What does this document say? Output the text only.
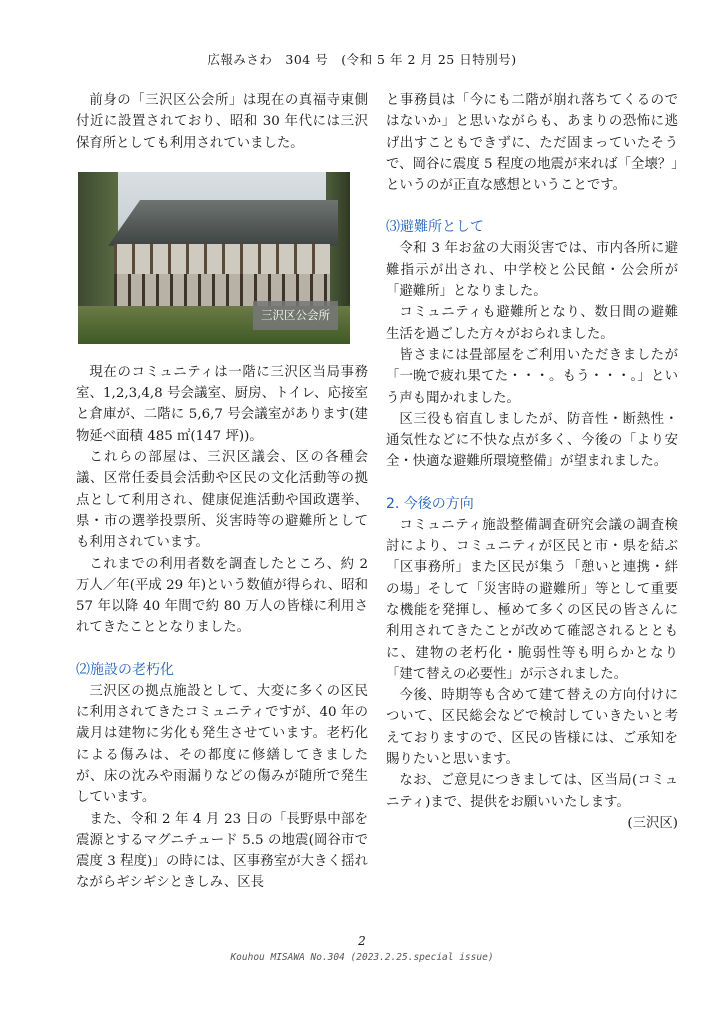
広報みさわ　304 号　(令和 5 年 2 月 25 日特別号)

前身の「三沢区公会所」は現在の真福寺東側付近に設置されており、昭和 30 年代には三沢保育所としても利用されていました。

三沢区公会所

現在のコミュニティは一階に三沢区当局事務室、1,2,3,4,8 号会議室、厨房、トイレ、応接室と倉庫が、二階に 5,6,7 号会議室があります(建物延べ面積 485 ㎡(147 坪))。

これらの部屋は、三沢区議会、区の各種会議、区常任委員会活動や区民の文化活動等の拠点として利用され、健康促進活動や国政選挙、県・市の選挙投票所、災害時等の避難所としても利用されています。

これまでの利用者数を調査したところ、約 2 万人／年(平成 29 年)という数値が得られ、昭和 57 年以降 40 年間で約 80 万人の皆様に利用されてきたこととなりました。

⑵施設の老朽化

三沢区の拠点施設として、大変に多くの区民に利用されてきたコミュニティですが、40 年の歳月は建物に劣化も発生させています。老朽化による傷みは、その都度に修繕してきましたが、床の沈みや雨漏りなどの傷みが随所で発生しています。

また、令和 2 年 4 月 23 日の「長野県中部を震源とするマグニチュード 5.5 の地震(岡谷市で震度 3 程度)」の時には、区事務室が大きく揺れながらギシギシときしみ、区長

と事務員は「今にも二階が崩れ落ちてくるのではないか」と思いながらも、あまりの恐怖に逃げ出すこともできずに、ただ固まっていたそうで、岡谷に震度 5 程度の地震が来れば「全壊？」というのが正直な感想ということです。

⑶避難所として

令和 3 年お盆の大雨災害では、市内各所に避難指示が出され、中学校と公民館・公会所が「避難所」となりました。

コミュニティも避難所となり、数日間の避難生活を過ごした方々がおられました。

皆さまには畳部屋をご利用いただきましたが「一晩で疲れ果てた・・・。もう・・・。」という声も聞かれました。

区三役も宿直しましたが、防音性・断熱性・通気性などに不快な点が多く、今後の「より安全・快適な避難所環境整備」が望まれました。

2. 今後の方向

コミュニティ施設整備調査研究会議の調査検討により、コミュニティが区民と市・県を結ぶ「区事務所」また区民が集う「憩いと連携・絆の場」そして「災害時の避難所」等として重要な機能を発揮し、極めて多くの区民の皆さんに利用されてきたことが改めて確認されるとともに、建物の老朽化・脆弱性等も明らかとなり「建て替えの必要性」が示されました。

今後、時期等も含めて建て替えの方向付けについて、区民総会などで検討していきたいと考えておりますので、区民の皆様には、ご承知を賜りたいと思います。

なお、ご意見につきましては、区当局(コミュニティ)まで、提供をお願いいたします。

(三沢区)

2
Kouhou MISAWA No.304 (2023.2.25.special issue)
